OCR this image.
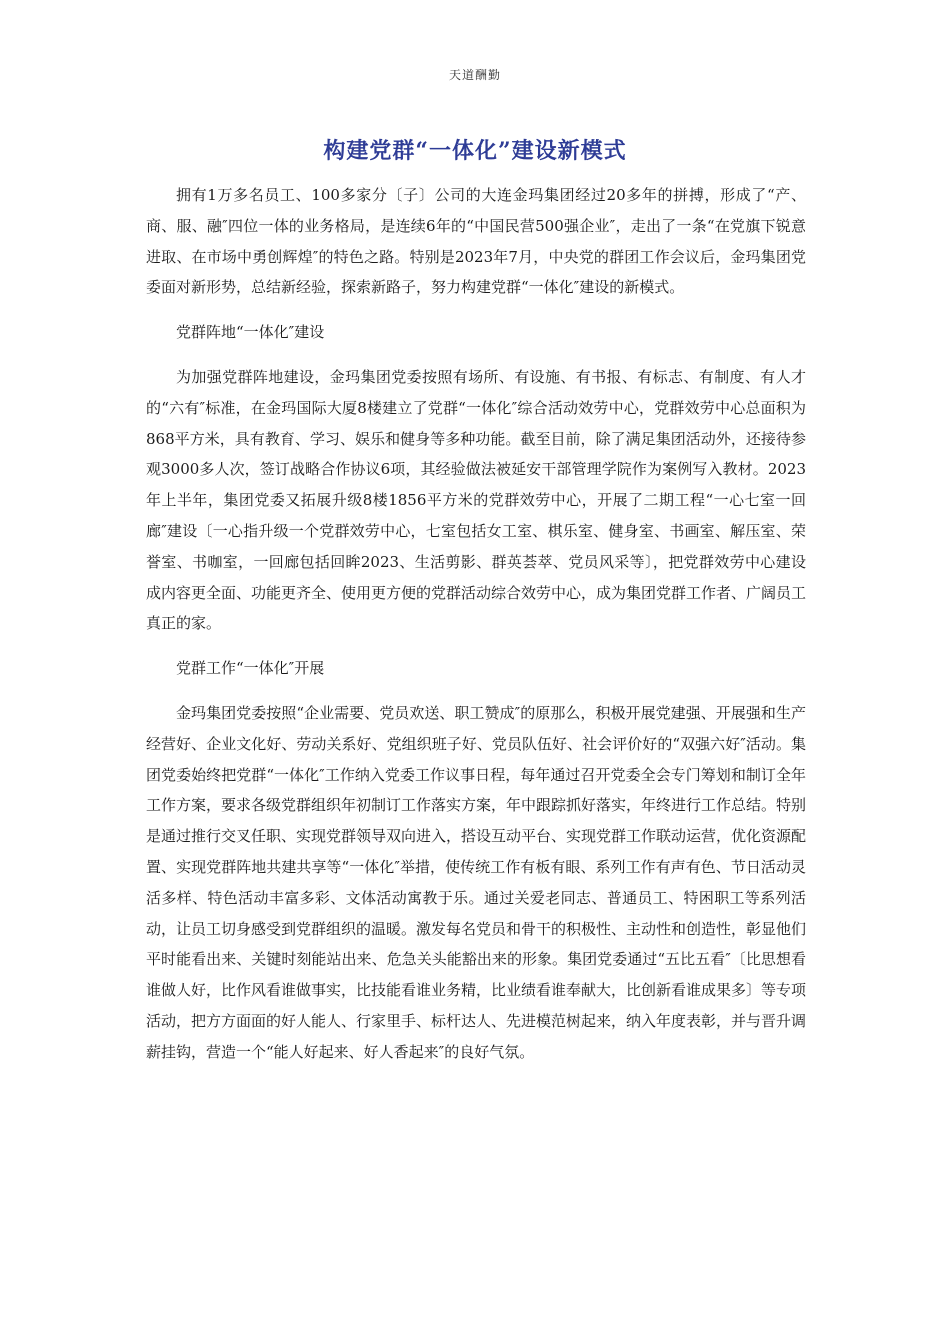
天道酬勤
构建党群“一体化”建设新模式

拥有1万多名员工、100多家分〔子〕公司的大连金玛集团经过20多年的拼搏，形成了“产、商、服、融″四位一体的业务格局，是连续6年的“中国民营500强企业″，走出了一条“在党旗下锐意进取、在市场中勇创辉煌″的特色之路。特别是2023年7月，中央党的群团工作会议后，金玛集团党委面对新形势，总结新经验，探索新路子，努力构建党群“一体化″建设的新模式。

党群阵地“一体化″建设

为加强党群阵地建设，金玛集团党委按照有场所、有设施、有书报、有标志、有制度、有人才的“六有″标准，在金玛国际大厦8楼建立了党群“一体化″综合活动效劳中心，党群效劳中心总面积为868平方米，具有教育、学习、娱乐和健身等多种功能。截至目前，除了满足集团活动外，还接待参观3000多人次，签订战略合作协议6项，其经验做法被延安干部管理学院作为案例写入教材。2023年上半年，集团党委又拓展升级8楼1856平方米的党群效劳中心，开展了二期工程“一心七室一回廊″建设〔一心指升级一个党群效劳中心，七室包括女工室、棋乐室、健身室、书画室、解压室、荣誉室、书咖室，一回廊包括回眸2023、生活剪影、群英荟萃、党员风采等〕，把党群效劳中心建设成内容更全面、功能更齐全、使用更方便的党群活动综合效劳中心，成为集团党群工作者、广阔员工真正的家。

党群工作“一体化″开展

金玛集团党委按照“企业需要、党员欢送、职工赞成″的原那么，积极开展党建强、开展强和生产经营好、企业文化好、劳动关系好、党组织班子好、党员队伍好、社会评价好的“双强六好″活动。集团党委始终把党群“一体化″工作纳入党委工作议事日程，每年通过召开党委全会专门筹划和制订全年工作方案，要求各级党群组织年初制订工作落实方案，年中跟踪抓好落实，年终进行工作总结。特别是通过推行交叉任职、实现党群领导双向进入，搭设互动平台、实现党群工作联动运营，优化资源配置、实现党群阵地共建共享等“一体化″举措，使传统工作有板有眼、系列工作有声有色、节日活动灵活多样、特色活动丰富多彩、文体活动寓教于乐。通过关爱老同志、普通员工、特困职工等系列活动，让员工切身感受到党群组织的温暖。激发每名党员和骨干的积极性、主动性和创造性，彰显他们平时能看出来、关键时刻能站出来、危急关头能豁出来的形象。集团党委通过“五比五看″〔比思想看谁做人好，比作风看谁做事实，比技能看谁业务精，比业绩看谁奉献大，比创新看谁成果多〕等专项活动，把方方面面的好人能人、行家里手、标杆达人、先进模范树起来，纳入年度表彰，并与晋升调薪挂钩，营造一个“能人好起来、好人香起来″的良好气氛。
